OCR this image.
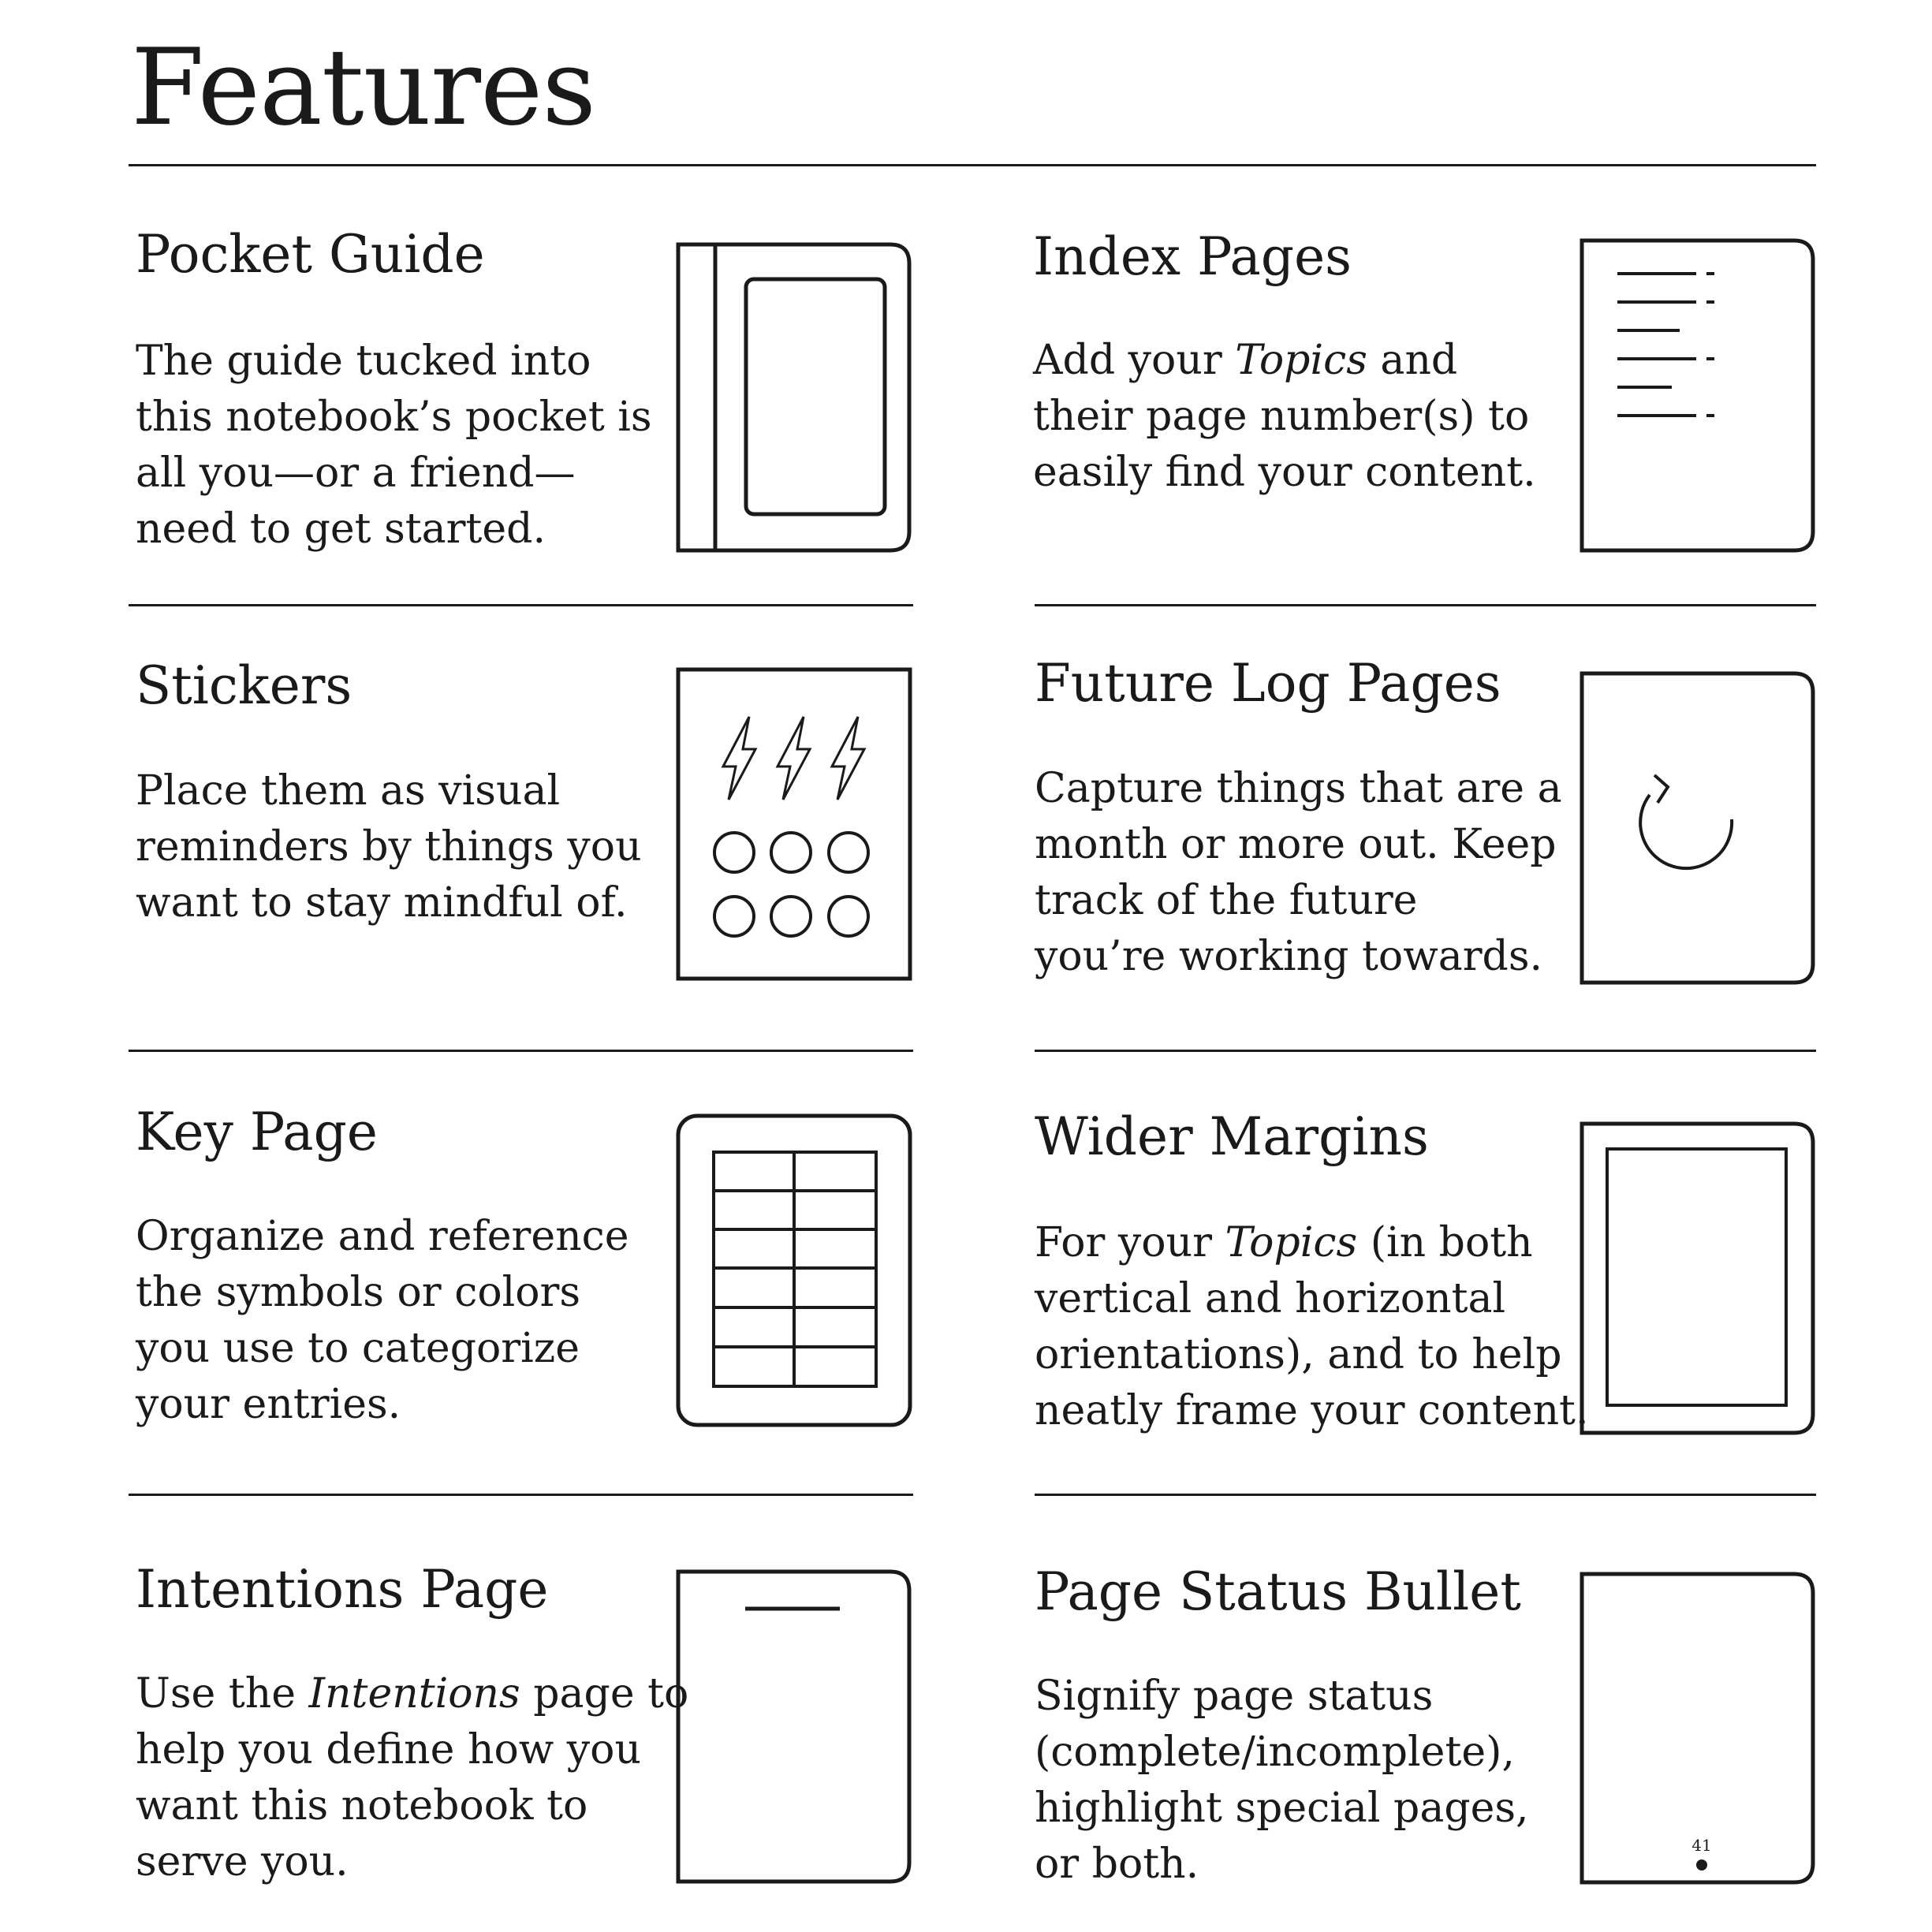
Features
Pocket Guide

The guide tucked into
this notebook’s pocket is
all you—or a friend—
need to get started.

Index Pages

Add your Topics and
their page number(s) to
easily find your content.

Stickers

Place them as visual
reminders by things you
want to stay mindful of.

Future Log Pages

Capture things that are a
month or more out. Keep
track of the future
you’re working towards.

Key Page

Organize and reference
the symbols or colors
you use to categorize
your entries.

Wider Margins

For your Topics (in both
vertical and horizontal
orientations), and to help
neatly frame your content.

Intentions Page

Use the Intentions page to
help you define how you
want this notebook to
serve you.

Page Status Bullet

Signify page status
(complete/incomplete),
highlight special pages,
or both.	41
